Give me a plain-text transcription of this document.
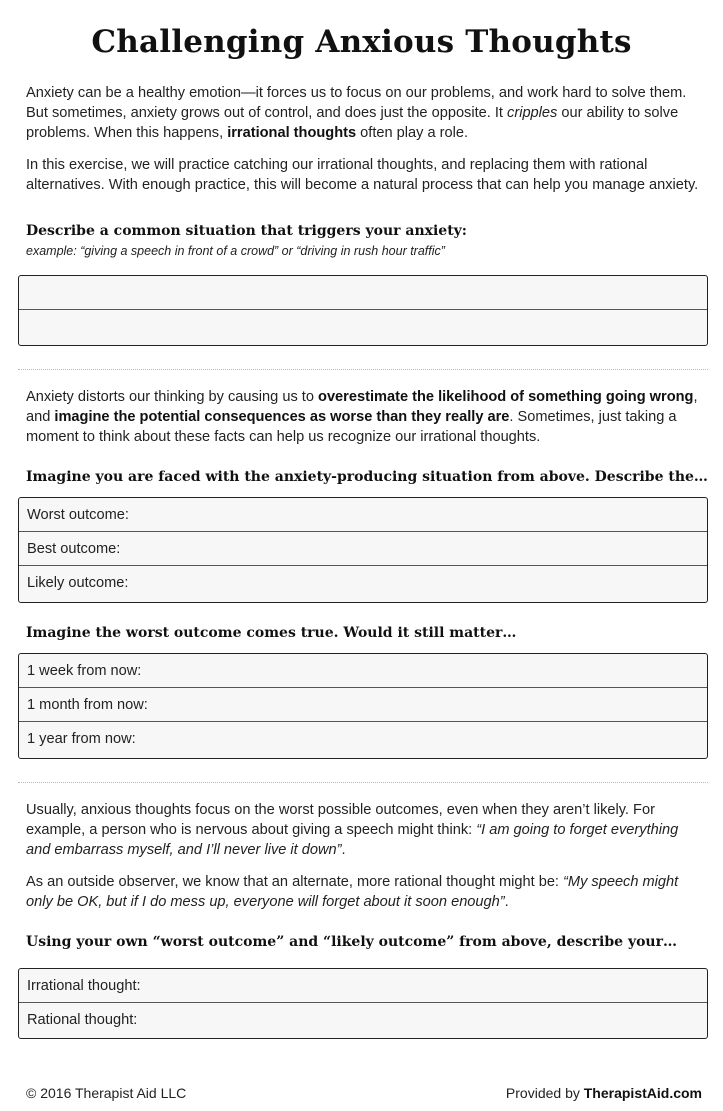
Challenging Anxious Thoughts
Anxiety can be a healthy emotion—it forces us to focus on our problems, and work hard to solve them. But sometimes, anxiety grows out of control, and does just the opposite. It cripples our ability to solve problems. When this happens, irrational thoughts often play a role.
In this exercise, we will practice catching our irrational thoughts, and replacing them with rational alternatives. With enough practice, this will become a natural process that can help you manage anxiety.
Describe a common situation that triggers your anxiety:
example: “giving a speech in front of a crowd” or “driving in rush hour traffic”
Anxiety distorts our thinking by causing us to overestimate the likelihood of something going wrong, and imagine the potential consequences as worse than they really are. Sometimes, just taking a moment to think about these facts can help us recognize our irrational thoughts.
Imagine you are faced with the anxiety-producing situation from above. Describe the…
Worst outcome:
Best outcome:
Likely outcome:
Imagine the worst outcome comes true. Would it still matter…
1 week from now:
1 month from now:
1 year from now:
Usually, anxious thoughts focus on the worst possible outcomes, even when they aren’t likely. For example, a person who is nervous about giving a speech might think: “I am going to forget everything and embarrass myself, and I’ll never live it down”.
As an outside observer, we know that an alternate, more rational thought might be: “My speech might only be OK, but if I do mess up, everyone will forget about it soon enough”.
Using your own “worst outcome” and “likely outcome” from above, describe your…
Irrational thought:
Rational thought:
© 2016 Therapist Aid LLC	Provided by TherapistAid.com
